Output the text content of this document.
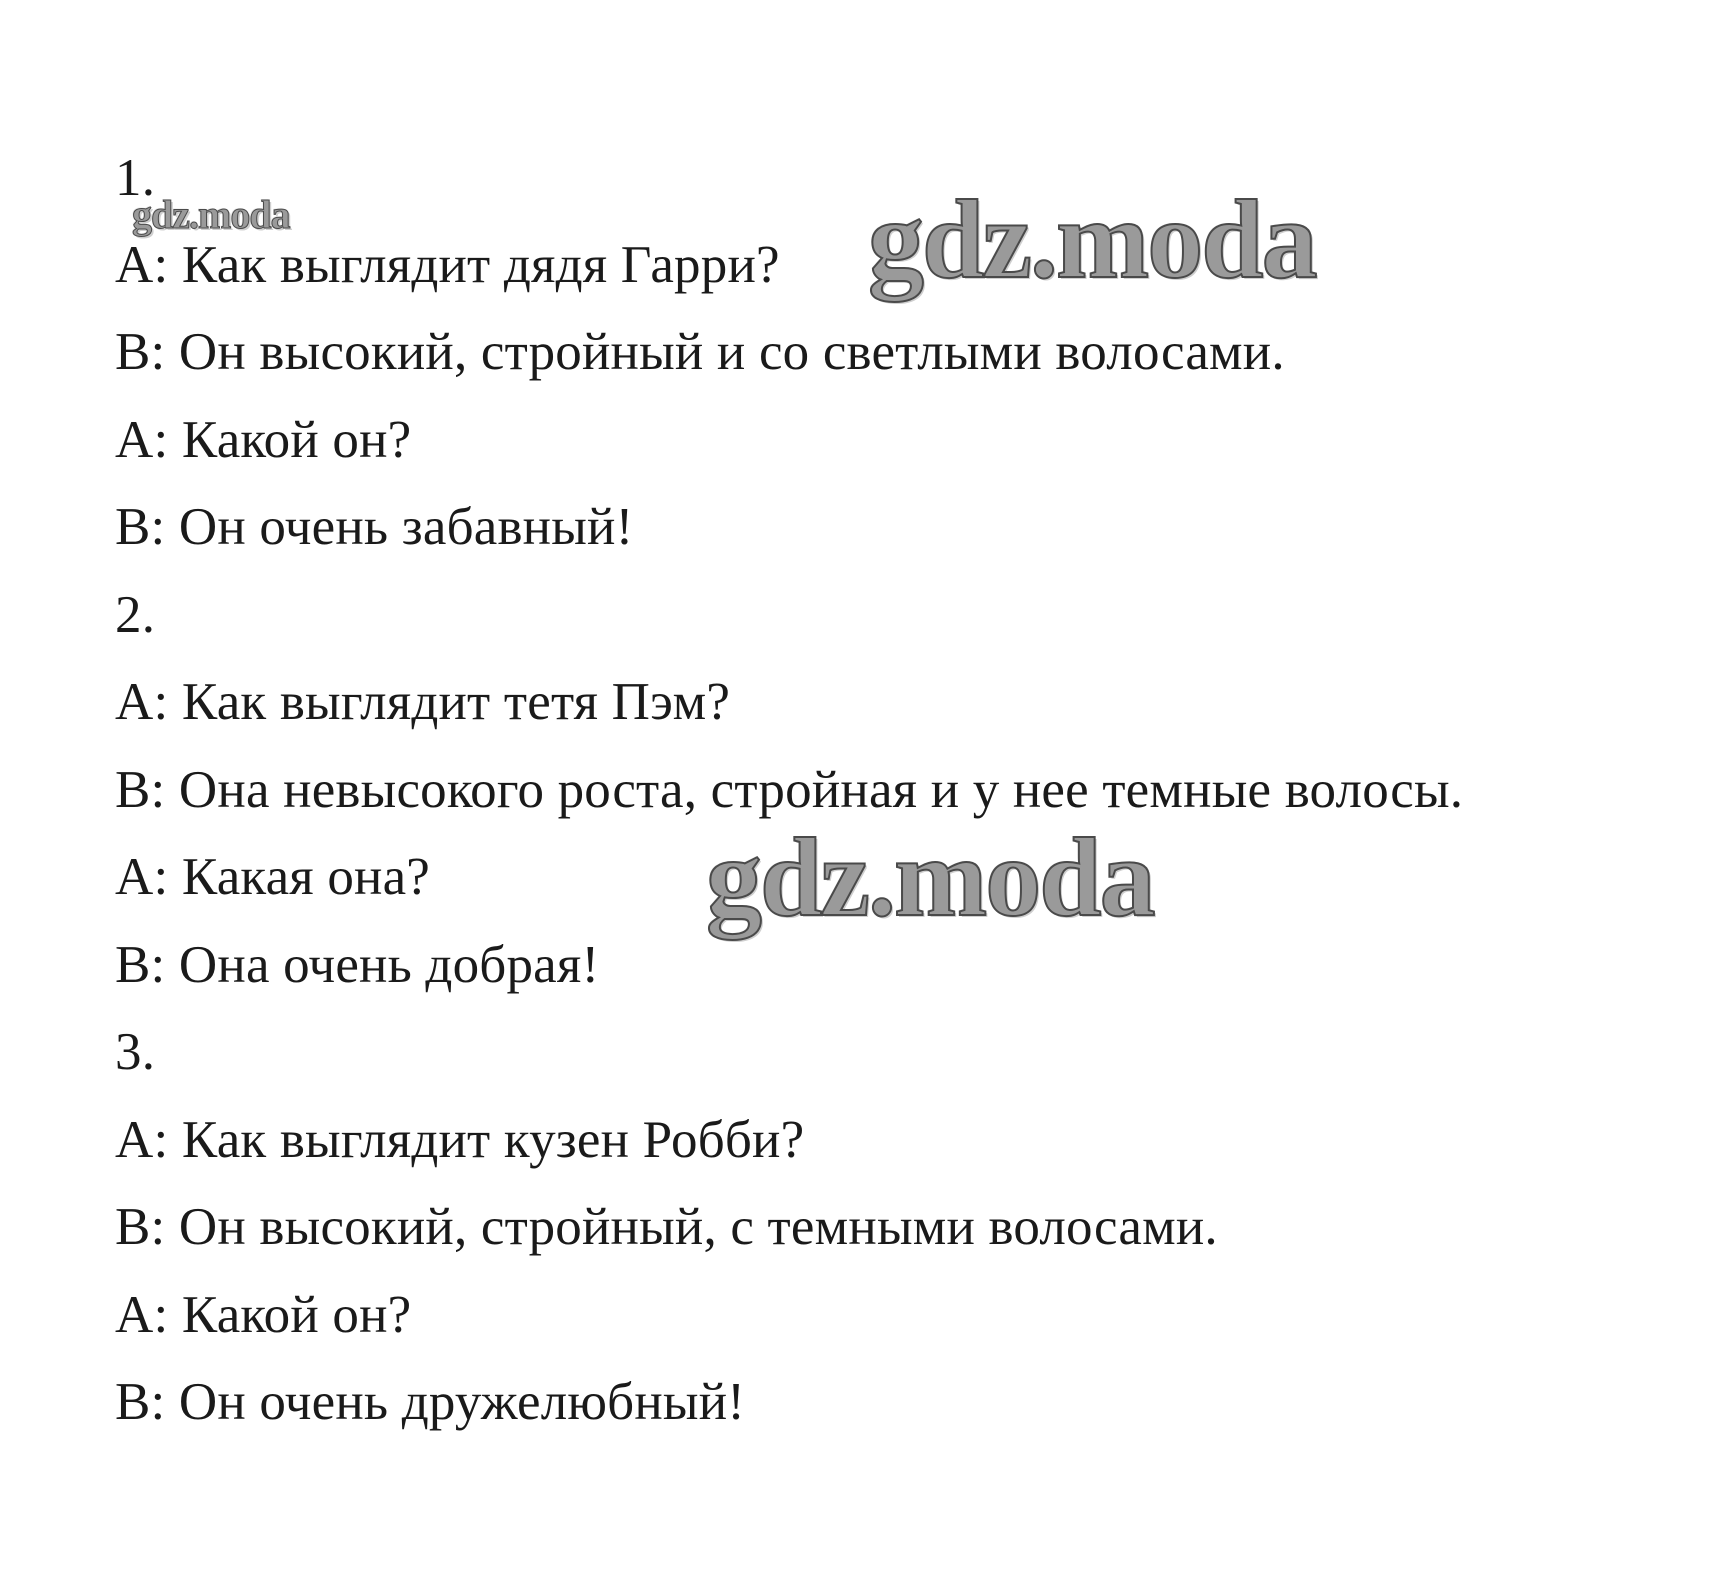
1.
A: Как выглядит дядя Гарри?
B: Он высокий, стройный и со светлыми волосами.
A: Какой он?
B: Он очень забавный!
2.
A: Как выглядит тетя Пэм?
B: Она невысокого роста, стройная и у нее темные волосы.
A: Какая она?
B: Она очень добрая!
3.
A: Как выглядит кузен Робби?
B: Он высокий, стройный, с темными волосами.
A: Какой он?
B: Он очень дружелюбный!
gdz.moda	gdz.moda
gdz.moda
